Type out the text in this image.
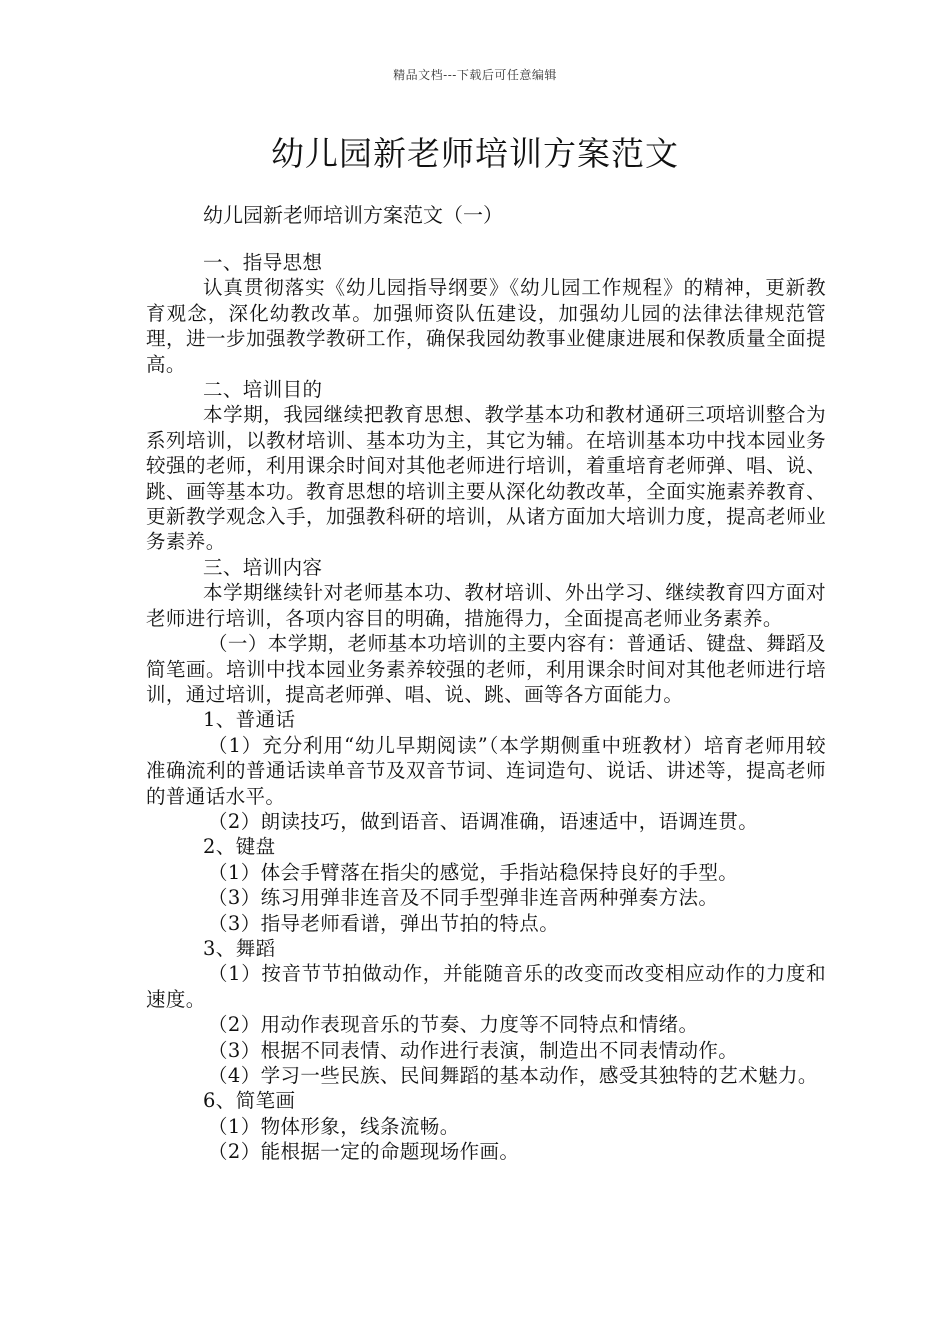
精品文档---下载后可任意编辑
幼儿园新老师培训方案范文
幼儿园新老师培训方案范文（一）

一、指导思想

认真贯彻落实《幼儿园指导纲要》《幼儿园工作规程》的精神，更新教育观念，深化幼教改革。加强师资队伍建设，加强幼儿园的法律法律规范管理，进一步加强教学教研工作，确保我园幼教事业健康进展和保教质量全面提高。

二、培训目的

本学期，我园继续把教育思想、教学基本功和教材通研三项培训整合为系列培训，以教材培训、基本功为主，其它为辅。在培训基本功中找本园业务较强的老师，利用课余时间对其他老师进行培训，着重培育老师弹、唱、说、跳、画等基本功。教育思想的培训主要从深化幼教改革，全面实施素养教育、更新教学观念入手，加强教科研的培训，从诸方面加大培训力度，提高老师业务素养。

三、培训内容

本学期继续针对老师基本功、教材培训、外出学习、继续教育四方面对老师进行培训，各项内容目的明确，措施得力，全面提高老师业务素养。

（一）本学期，老师基本功培训的主要内容有：普通话、键盘、舞蹈及简笔画。培训中找本园业务素养较强的老师，利用课余时间对其他老师进行培训，通过培训，提高老师弹、唱、说、跳、画等各方面能力。

1、普通话

（1）充分利用“幼儿早期阅读”（本学期侧重中班教材）培育老师用较准确流利的普通话读单音节及双音节词、连词造句、说话、讲述等，提高老师的普通话水平。

（2）朗读技巧，做到语音、语调准确，语速适中，语调连贯。

2、键盘

（1）体会手臂落在指尖的感觉，手指站稳保持良好的手型。

（3）练习用弹非连音及不同手型弹非连音两种弹奏方法。

（3）指导老师看谱，弹出节拍的特点。

3、舞蹈

（1）按音节节拍做动作，并能随音乐的改变而改变相应动作的力度和速度。

（2）用动作表现音乐的节奏、力度等不同特点和情绪。

（3）根据不同表情、动作进行表演，制造出不同表情动作。

（4）学习一些民族、民间舞蹈的基本动作，感受其独特的艺术魅力。

6、简笔画

（1）物体形象，线条流畅。

（2）能根据一定的命题现场作画。
